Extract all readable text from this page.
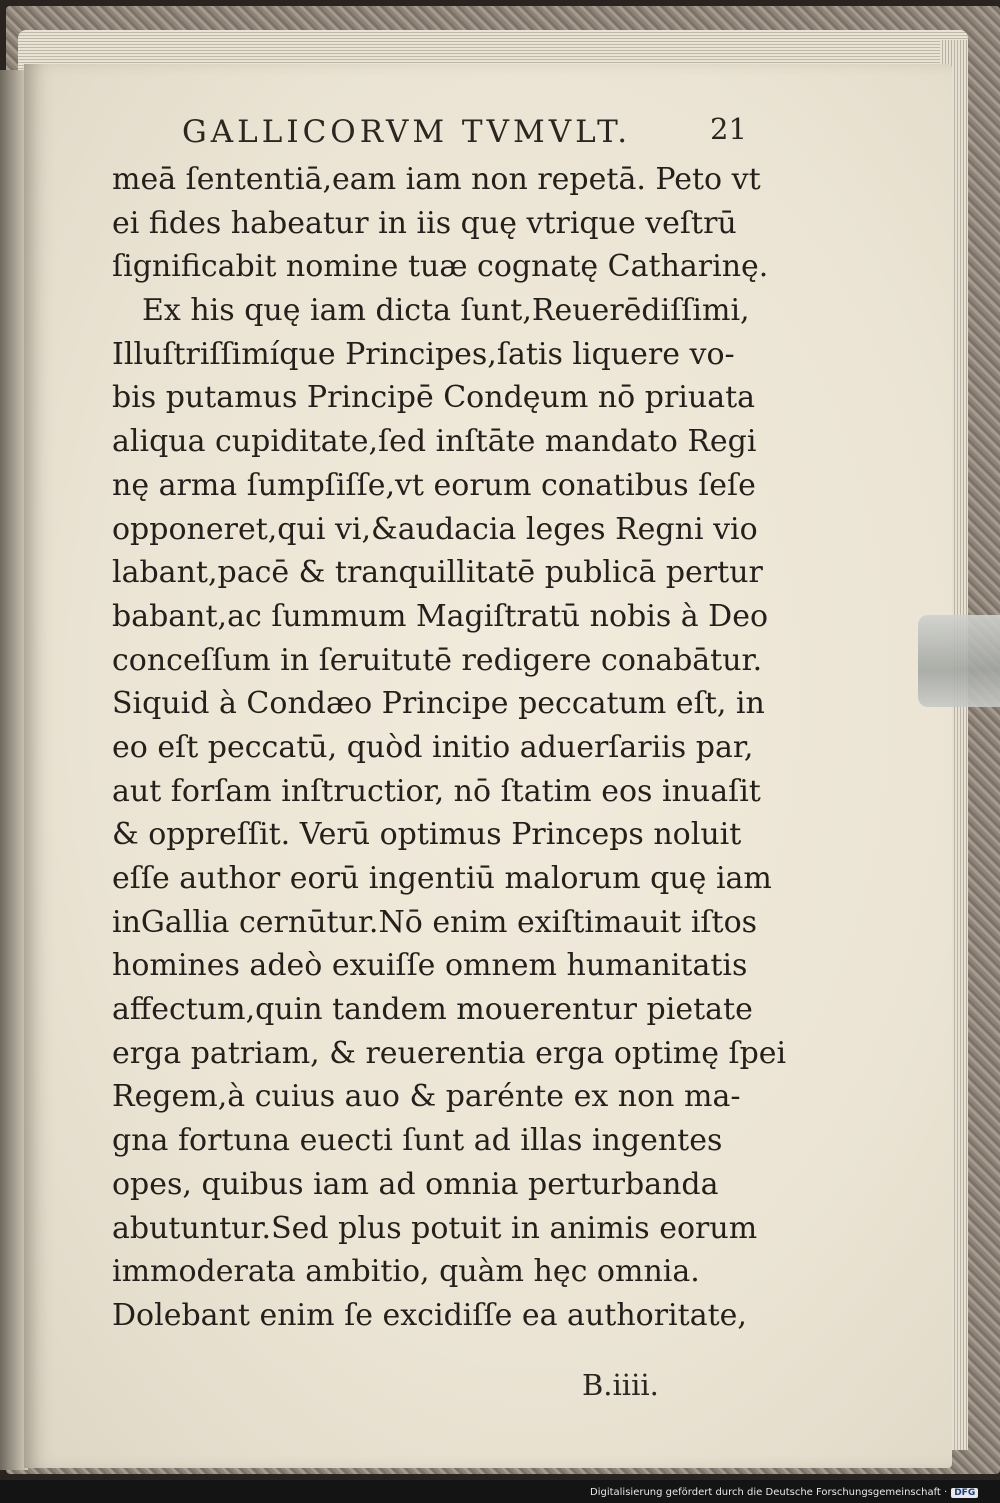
GALLICORVM TVMVLT.	21
meā ſententiā,eam iam non repetā. Peto vt
ei fides habeatur in iis quę vtrique veſtrū
ſignificabit nomine tuæ cognatę Catharinę.
Ex his quę iam dicta ſunt,Reuerēdiſſimi,
Illuſtriſſimíque Principes,ſatis liquere vo-
bis putamus Principē Condęum nō priuata
aliqua cupiditate,ſed inſtāte mandato Regi
nę arma ſumpſiſſe,vt eorum conatibus ſeſe
opponeret,qui vi,&audacia leges Regni vio
labant,pacē & tranquillitatē publicā pertur
babant,ac ſummum Magiſtratū nobis à Deo
conceſſum in ſeruitutē redigere conabātur.
Siquid à Condæo Principe peccatum eſt, in
eo eſt peccatū, quòd initio aduerſariis par,
aut forſam inſtructior, nō ſtatim eos inuaſit
& oppreſſit. Verū optimus Princeps noluit
eſſe author eorū ingentiū malorum quę iam
inGallia cernūtur.Nō enim exiſtimauit iſtos
homines adeò exuiſſe omnem humanitatis
affectum,quin tandem mouerentur pietate
erga patriam, & reuerentia erga optimę ſpei
Regem,à cuius auo & parénte ex non ma-
gna fortuna euecti ſunt ad illas ingentes
opes, quibus iam ad omnia perturbanda
abutuntur.Sed plus potuit in animis eorum
immoderata ambitio, quàm hęc omnia.
Dolebant enim ſe excidiſſe ea authoritate,
B.iiii.
Digitalisierung gefördert durch die Deutsche Forschungsgemeinschaft · DFG
